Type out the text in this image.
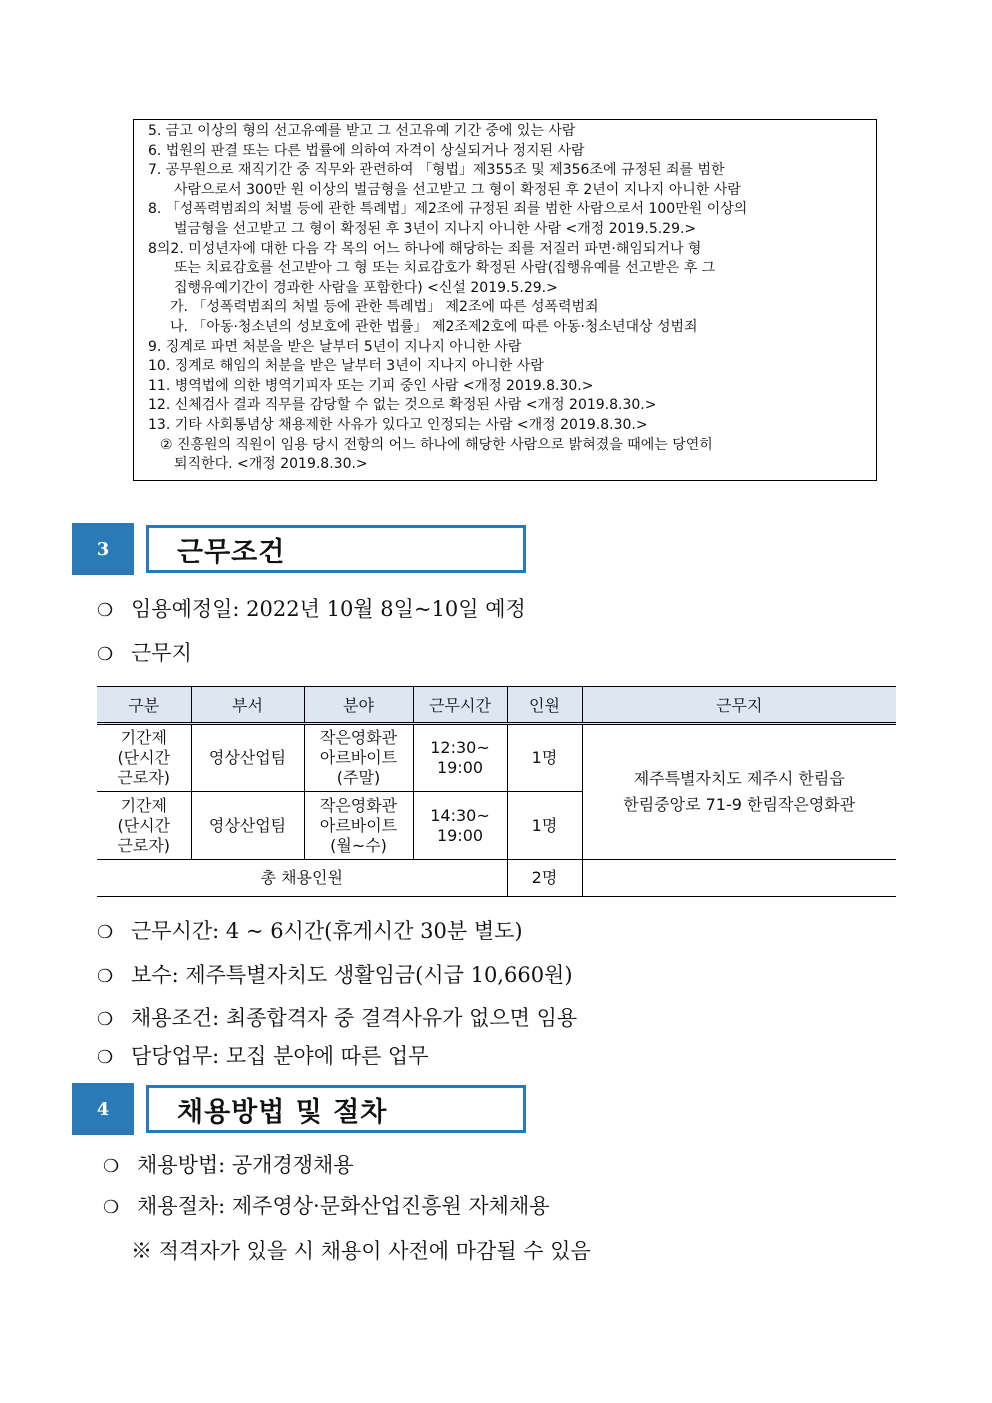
5. 금고 이상의 형의 선고유예를 받고 그 선고유예 기간 중에 있는 사람
6. 법원의 판결 또는 다른 법률에 의하여 자격이 상실되거나 정지된 사람
7. 공무원으로 재직기간 중 직무와 관련하여 「형법」제355조 및 제356조에 규정된 죄를 범한
사람으로서 300만 원 이상의 벌금형을 선고받고 그 형이 확정된 후 2년이 지나지 아니한 사람
8. 「성폭력범죄의 처벌 등에 관한 특례법」제2조에 규정된 죄를 범한 사람으로서 100만원 이상의
벌금형을 선고받고 그 형이 확정된 후 3년이 지나지 아니한 사람 <개정 2019.5.29.>
8의2. 미성년자에 대한 다음 각 목의 어느 하나에 해당하는 죄를 저질러 파면·해임되거나 형
또는 치료감호를 선고받아 그 형 또는 치료감호가 확정된 사람(집행유예를 선고받은 후 그
집행유예기간이 경과한 사람을 포함한다) <신설 2019.5.29.>
가. 「성폭력범죄의 처벌 등에 관한 특례법」 제2조에 따른 성폭력범죄
나. 「아동·청소년의 성보호에 관한 법률」 제2조제2호에 따른 아동·청소년대상 성범죄
9. 징계로 파면 처분을 받은 날부터 5년이 지나지 아니한 사람
10. 징계로 해임의 처분을 받은 날부터 3년이 지나지 아니한 사람
11. 병역법에 의한 병역기피자 또는 기피 중인 사람 <개정 2019.8.30.>
12. 신체검사 결과 직무를 감당할 수 없는 것으로 확정된 사람 <개정 2019.8.30.>
13. 기타 사회통념상 채용제한 사유가 있다고 인정되는 사람 <개정 2019.8.30.>
② 진흥원의 직원이 임용 당시 전항의 어느 하나에 해당한 사람으로 밝혀졌을 때에는 당연히
퇴직한다. <개정 2019.8.30.>
3	근무조건
❍ 임용예정일: 2022년 10월 8일~10일 예정
❍ 근무지
구분	부서	분야	근무시간	인원	근무지
기간제
(단시간
근로자)	영상산업팀	작은영화관
아르바이트
(주말)	12:30~
19:00	1명	제주특별자치도 제주시 한림읍
한림중앙로 71-9 한림작은영화관
기간제
(단시간
근로자)	영상산업팀	작은영화관
아르바이트
(월~수)	14:30~
19:00	1명	
총 채용인원				2명	
❍ 근무시간: 4 ~ 6시간(휴게시간 30분 별도)
❍ 보수: 제주특별자치도 생활임금(시급 10,660원)
❍ 채용조건: 최종합격자 중 결격사유가 없으면 임용
❍ 담당업무: 모집 분야에 따른 업무
4	채용방법 및 절차
❍ 채용방법: 공개경쟁채용
❍ 채용절차: 제주영상·문화산업진흥원 자체채용
※ 적격자가 있을 시 채용이 사전에 마감될 수 있음
